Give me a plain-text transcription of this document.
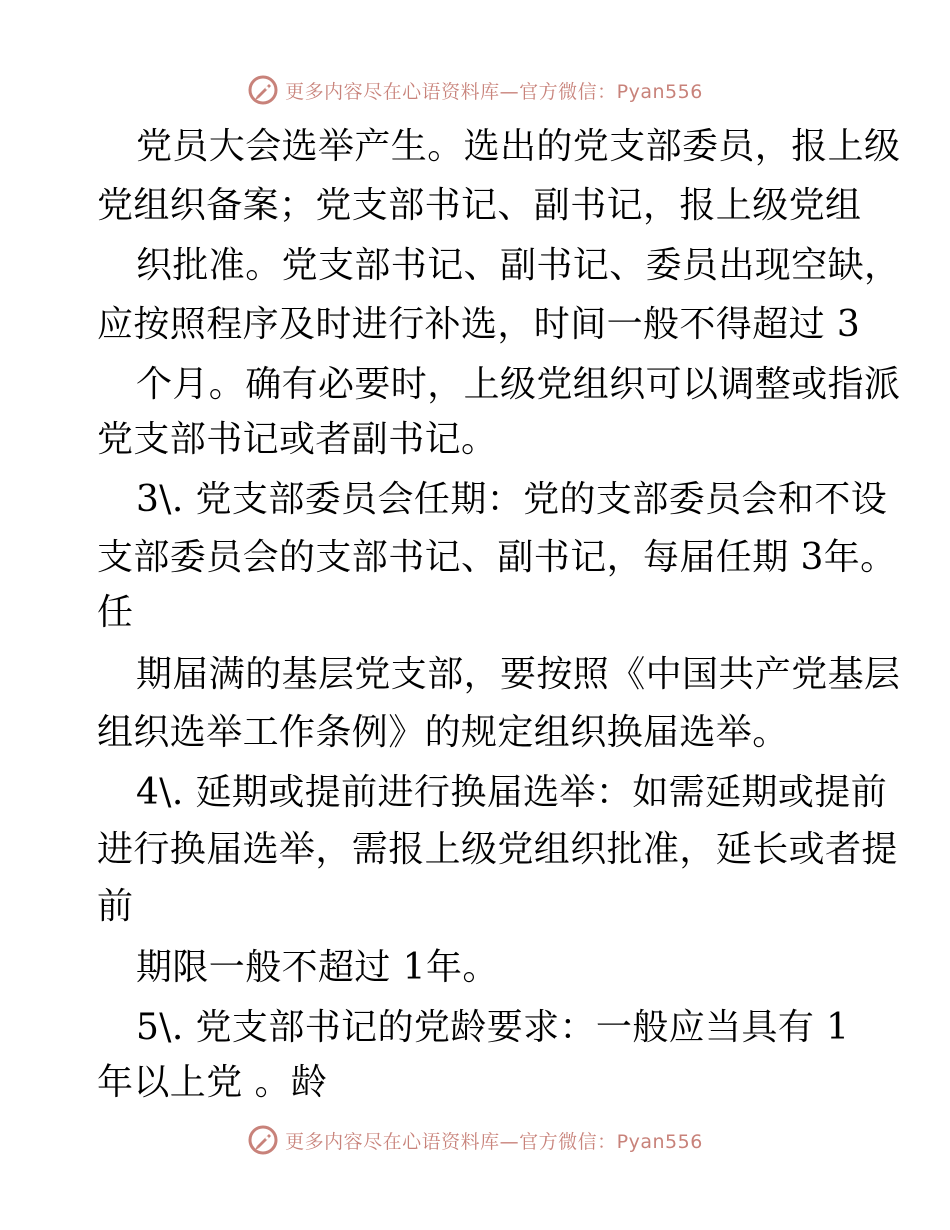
更多内容尽在心语资料库—官方微信：Pyan556
党员大会选举产生。选出的党支部委员，报上级
党组织备案；党支部书记、副书记，报上级党组
织批准。党支部书记、副书记、委员出现空缺，
应按照程序及时进行补选，时间一般不得超过 3
个月。确有必要时，上级党组织可以调整或指派
党支部书记或者副书记。
3\. 党支部委员会任期：党的支部委员会和不设
支部委员会的支部书记、副书记，每届任期 3年。
任
期届满的基层党支部，要按照《中国共产党基层
组织选举工作条例》的规定组织换届选举。
4\. 延期或提前进行换届选举：如需延期或提前
进行换届选举，需报上级党组织批准，延长或者提
前
期限一般不超过 1年。
5\. 党支部书记的党龄要求：一般应当具有 1
年以上党 。龄
更多内容尽在心语资料库—官方微信：Pyan556
